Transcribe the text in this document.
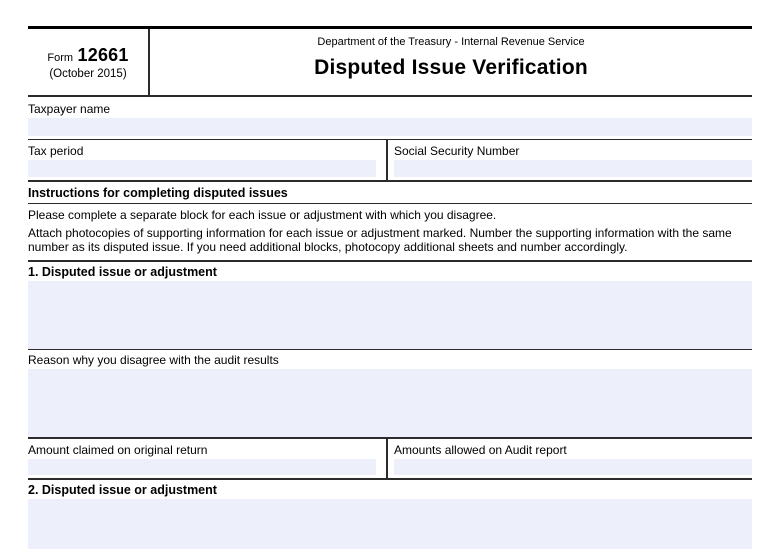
Form 12661
(October 2015)
Department of the Treasury - Internal Revenue Service
Disputed Issue Verification
Taxpayer name
Tax period	Social Security Number
Instructions for completing disputed issues

Please complete a separate block for each issue or adjustment with which you disagree.

Attach photocopies of supporting information for each issue or adjustment marked. Number the supporting information with the same number as its disputed issue. If you need additional blocks, photocopy additional sheets and number accordingly.

1. Disputed issue or adjustment
Reason why you disagree with the audit results
Amount claimed on original return	Amounts allowed on Audit report
2. Disputed issue or adjustment
